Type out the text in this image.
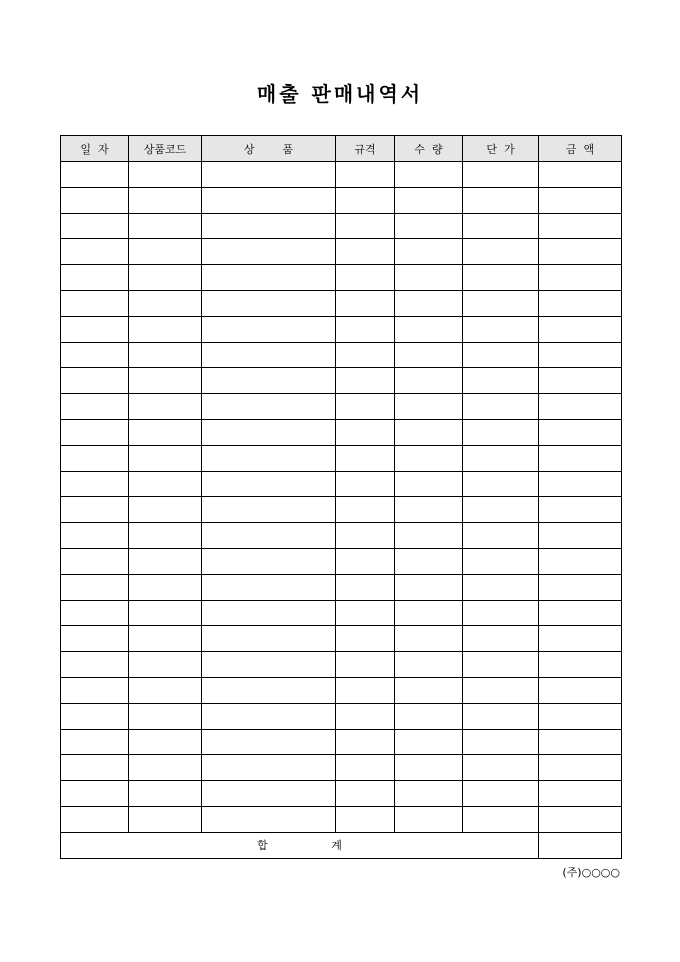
매출 판매내역서
일  자	상품코드	상        품	규격	수  량	단  가	금  액

합 계						
(주)○○○○
